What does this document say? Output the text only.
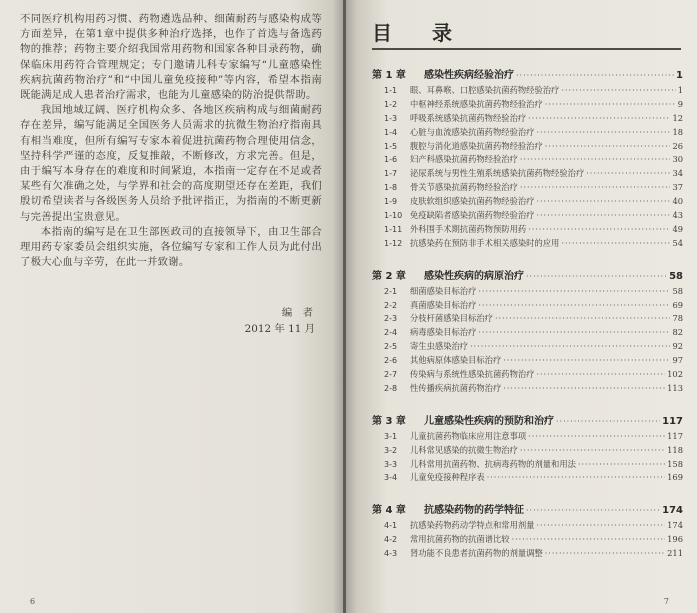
不同医疗机构用药习惯、药物遴选品种、细菌耐药与感染构成等方面差异，在第1章中提供多种治疗选择，也作了首选与备选药物的推荐；药物主要介绍我国常用药物和国家各种目录药物，确保临床用药符合管理规定；专门邀请儿科专家编写“儿童感染性疾病抗菌药物治疗”和“中国儿童免疫接种”等内容，希望本指南既能满足成人患者治疗需求，也能为儿童感染的防治提供帮助。

我国地域辽阔、医疗机构众多、各地区疾病构成与细菌耐药存在差异，编写能满足全国医务人员需求的抗微生物治疗指南具有相当难度，但所有编写专家本着促进抗菌药物合理使用信念，坚持科学严谨的态度，反复推敲，不断修改，方求完善。但是，由于编写本身存在的难度和时间紧迫，本指南一定存在不足或者某些有欠准确之处，与学界和社会的高度期望还存在差距，我们殷切希望读者与各级医务人员给予批评指正，为指南的不断更新与完善提出宝贵意见。

本指南的编写是在卫生部医政司的直接领导下，由卫生部合理用药专家委员会组织实施，各位编写专家和工作人员为此付出了极大心血与辛劳，在此一并致谢。

编　者
2012 年 11 月
6
目　录
第 1 章	感染性疾病经验治疗 ·····	1
1-1	眼、耳鼻喉、口腔感染抗菌药物经验治疗 ·····	1
1-2	中枢神经系统感染抗菌药物经验治疗 ·····	9
1-3	呼吸系统感染抗菌药物经验治疗 ·····	12
1-4	心脏与血流感染抗菌药物经验治疗 ·····	18
1-5	腹腔与消化道感染抗菌药物经验治疗 ·····	26
1-6	妇产科感染抗菌药物经验治疗 ·····	30
1-7	泌尿系统与男性生殖系统感染抗菌药物经验治疗 ·····	34
1-8	骨关节感染抗菌药物经验治疗 ·····	37
1-9	皮肤软组织感染抗菌药物经验治疗 ·····	40
1-10 免疫缺陷者感染抗菌药物经验治疗 ·····	43
1-11 外科围手术期抗菌药物预防用药 ·····	49
1-12 抗感染药在预防非手术相关感染时的应用 ·····	54
第 2 章	感染性疾病的病原治疗 ·····	58
2-1	细菌感染目标治疗 ·····	58
2-2	真菌感染目标治疗 ·····	69
2-3	分枝杆菌感染目标治疗 ·····	78
2-4	病毒感染目标治疗 ·····	82
2-5	寄生虫感染治疗 ·····	92
2-6	其他病原体感染目标治疗 ·····	97
2-7	传染病与系统性感染抗菌药物治疗 ·····	102
2-8	性传播疾病抗菌药物治疗 ·····	113
第 3 章	儿童感染性疾病的预防和治疗 ·····	117
3-1	儿童抗菌药物临床应用注意事项 ·····	117
3-2	儿科常见感染的抗微生物治疗 ·····	118
3-3	儿科常用抗菌药物、抗病毒药物的剂量和用法 ·····	158
3-4	儿童免疫接种程序表 ·····	169
第 4 章	抗感染药物的药学特征 ·····	174
4-1	抗感染药物药动学特点和常用剂量 ·····	174
4-2	常用抗菌药物的抗菌谱比较 ·····	196
4-3	肾功能不良患者抗菌药物的剂量调整 ·····	211
7
